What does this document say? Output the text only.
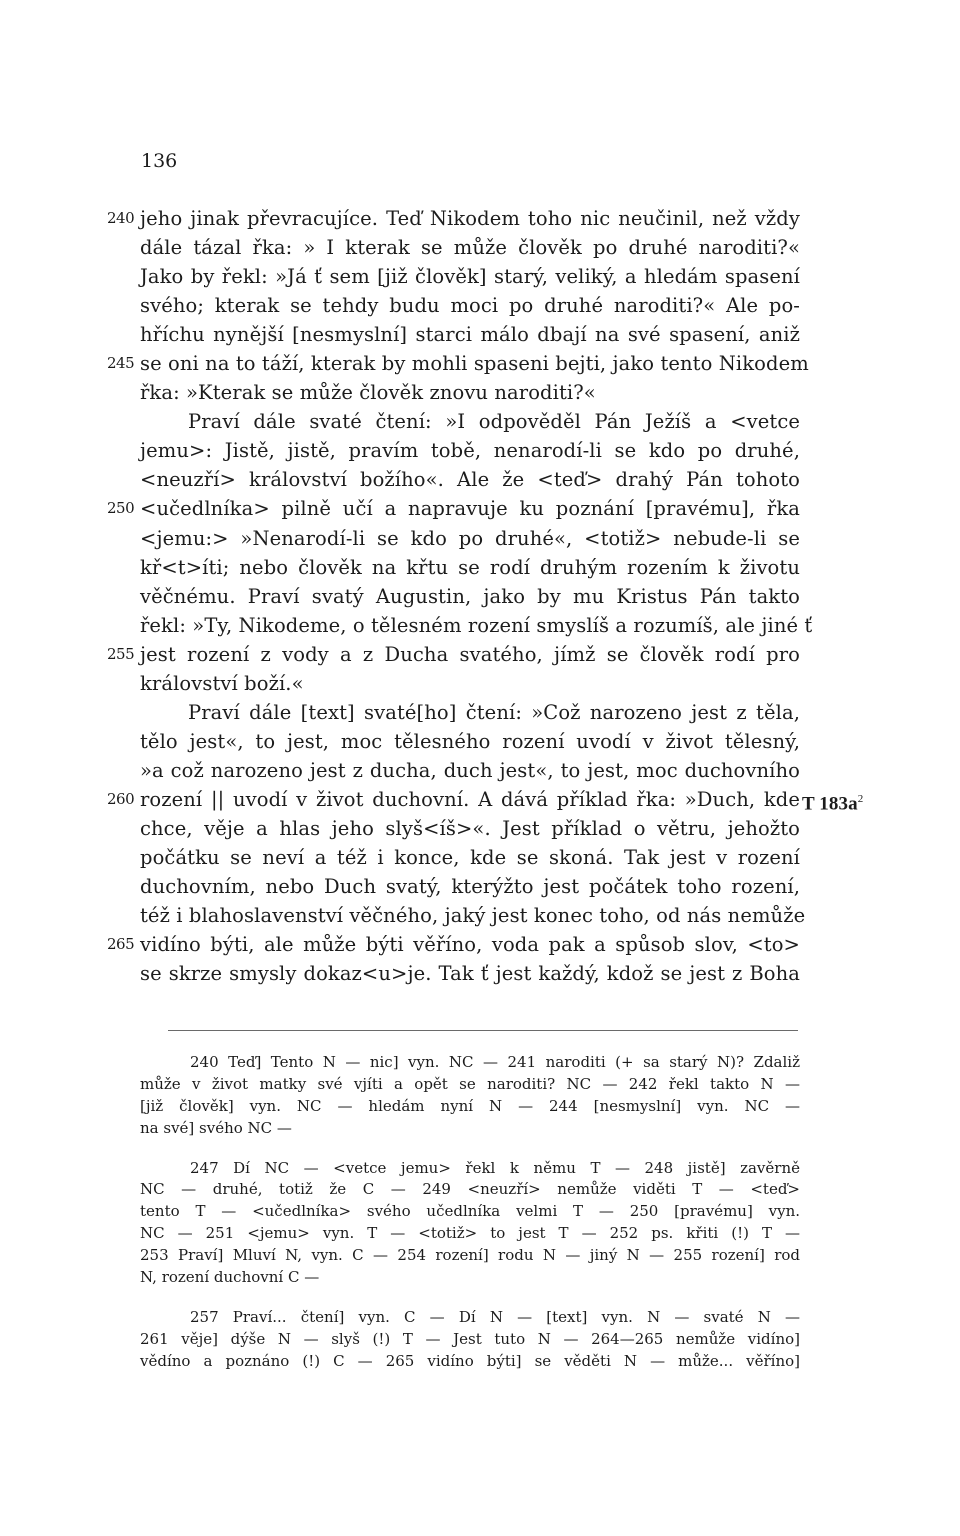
136
240 jeho jinak převracujíce. Teď Nikodem toho nic neučinil, než vždy
dále tázal řka: » I kterak se může člověk po druhé naroditi?«
Jako by řekl: »Já ť sem [již člověk] starý, veliký, a hledám spasení
svého; kterak se tehdy budu moci po druhé naroditi?« Ale po-
hříchu nynější [nesmyslní] starci málo dbají na své spasení, aniž
245 se oni na to táží, kterak by mohli spaseni bejti, jako tento Nikodem
řka: »Kterak se může člověk znovu naroditi?«
Praví dále svaté čtení: »I odpověděl Pán Ježíš a <vetce
jemu>: Jistě, jistě, pravím tobě, nenarodí-li se kdo po druhé,
<neuzří> království božího«. Ale že <teď> drahý Pán tohoto
250 <učedlníka> pilně učí a napravuje ku poznání [pravému], řka
<jemu:> »Nenarodí-li se kdo po druhé«, <totiž> nebude-li se
kř<t>íti; nebo člověk na křtu se rodí druhým rozením k životu
věčnému. Praví svatý Augustin, jako by mu Kristus Pán takto
řekl: »Ty, Nikodeme, o tělesném rození smyslíš a rozumíš, ale jiné ť
255 jest rození z vody a z Ducha svatého, jímž se člověk rodí pro
království boží.«
Praví dále [text] svaté[ho] čtení: »Což narozeno jest z těla,
tělo jest«, to jest, moc tělesného rození uvodí v život tělesný,
»a což narozeno jest z ducha, duch jest«, to jest, moc duchovního
260 rození || uvodí v život duchovní. A dává příklad řka: »Duch, kde T $183a^2$
chce, věje a hlas jeho slyš<íš>«. Jest příklad o větru, jehožto
počátku se neví a též i konce, kde se skoná. Tak jest v rození
duchovním, nebo Duch svatý, kterýžto jest počátek toho rození,
též i blahoslavenství věčného, jaký jest konec toho, od nás nemůže
265 vidíno býti, ale může býti věříno, voda pak a spůsob slov, <to>
se skrze smysly dokaz<u>je. Tak ť jest každý, kdož se jest z Boha
240 Teď] Tento N — nic] vyn. NC — 241 naroditi (+ sa starý N)? Zdaliž
může v život matky své vjíti a opět se naroditi? NC — 242 řekl takto N —
[již člověk] vyn. NC — hledám nyní N — 244 [nesmyslní] vyn. NC —
na své] svého NC —
247 Dí NC — <vetce jemu> řekl k němu T — 248 jistě] zavěrně
NC — druhé, totiž že C — 249 <neuzří> nemůže viděti T — <teď>
tento T — <učedlníka> svého učedlníka velmi T — 250 [pravému] vyn.
NC — 251 <jemu> vyn. T — <totiž> to jest T — 252 ps. křiti (!) T —
253 Praví] Mluví N, vyn. C — 254 rození] rodu N — jiný N — 255 rození] rod
N, rození duchovní C —
257 Praví... čtení] vyn. C — Dí N — [text] vyn. N — svaté N —
261 věje] dýše N — slyš (!) T — Jest tuto N — 264—265 nemůže vidíno]
vědíno a poznáno (!) C — 265 vidíno býti] se věděti N — může... věříno]
